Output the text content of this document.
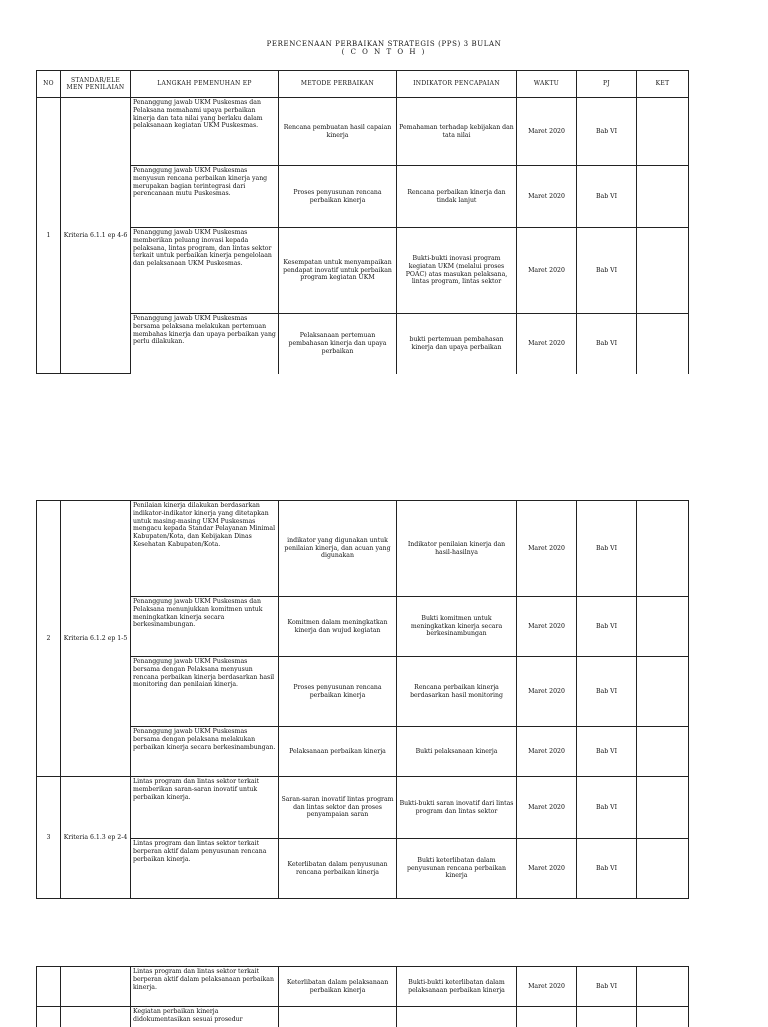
PERENCENAAN PERBAIKAN STRATEGIS (PPS) 3 BULAN
( C O N T O H )
NO	STANDAR/ELE MEN PENILAIAN	LANGKAH PEMENUHAN EP	METODE PERBAIKAN	INDIKATOR PENCAPAIAN	WAKTU	PJ	KET
1	Kriteria 6.1.1 ep 4-6	Penanggung jawab UKM Puskesmas dan Pelaksana memahami upaya perbaikan kinerja dan tata nilai yang berlaku dalam pelaksanaan kegiatan UKM Puskesmas.	Rencana pembuatan hasil capaian kinerja	Pemahaman terhadap kebijakan dan tata nilai	Maret 2020	Bab VI	
		Penanggung jawab UKM Puskesmas menyusun rencana perbaikan kinerja yang merupakan bagian terintegrasi dari perencanaan mutu Puskesmas.	Proses penyusunan rencana perbaikan kinerja	Rencana perbaikan kinerja dan tindak lanjut	Maret 2020	Bab VI	
		Penanggung jawab UKM Puskesmas memberikan peluang inovasi kepada pelaksana, lintas program, dan lintas sektor terkait untuk perbaikan kinerja pengelolaan dan pelaksanaan UKM Puskesmas.	Kesempatan untuk menyampaikan pendapat inovatif untuk perbaikan program kegiatan UKM	Bukti-bukti inovasi program kegiatan UKM (melalui proses POAC) atas masukan pelaksana, lintas program, lintas sektor	Maret 2020	Bab VI	
		Penanggung jawab UKM Puskesmas bersama pelaksana melakukan pertemuan membahas kinerja dan upaya perbaikan yang perlu dilakukan.	Pelaksanaan pertemuan pembahasan kinerja dan upaya perbaikan	bukti pertemuan pembahasan kinerja dan upaya perbaikan	Maret 2020	Bab VI	
2	Kriteria 6.1.2 ep 1-5	Penilaian kinerja dilakukan berdasarkan indikator-indikator kinerja yang ditetapkan untuk masing-masing UKM Puskesmas mengacu kepada Standar Pelayanan Minimal Kabupaten/Kota, dan Kebijakan Dinas Kesehatan Kabupaten/Kota.	indikator yang digunakan untuk penilaian kinerja, dan acuan yang digunakan	Indikator penilaian kinerja dan hasil-hasilnya	Maret 2020	Bab VI	
		Penanggung jawab UKM Puskesmas dan Pelaksana menunjukkan komitmen untuk meningkatkan kinerja secara berkesinambungan.	Komitmen dalam meningkatkan kinerja dan wujud kegiatan	Bukti komitmen untuk meningkatkan kinerja secara berkesinambungan	Maret 2020	Bab VI	
		Penanggung jawab UKM Puskesmas bersama dengan Pelaksana menyusun rencana perbaikan kinerja berdasarkan hasil monitoring dan penilaian kinerja.	Proses penyusunan rencana perbaikan kinerja	Rencana perbaikan kinerja berdasarkan hasil monitoring	Maret 2020	Bab VI	
		Penanggung jawab UKM Puskesmas bersama dengan pelaksana melakukan perbaikan kinerja secara berkesinambungan.	Pelaksanaan perbaikan kinerja	Bukti pelaksanaan kinerja	Maret 2020	Bab VI	
3	Kriteria 6.1.3 ep 2-4	Lintas program dan lintas sektor terkait memberikan saran-saran inovatif untuk perbaikan kinerja.	Saran-saran inovatif lintas program dan lintas sektor dan proses penyampaian saran	Bukti-bukti saran inovatif dari lintas program dan lintas sektor	Maret 2020	Bab VI	
		Lintas program dan lintas sektor terkait berperan aktif dalam penyusunan rencana perbaikan kinerja.	Keterlibatan dalam penyusunan rencana perbaikan kinerja	Bukti keterlibatan dalam penyusunan rencana perbaikan kinerja	Maret 2020	Bab VI	
		Lintas program dan lintas sektor terkait berperan aktif dalam pelaksanaan perbaikan kinerja.	Keterlibatan dalam pelaksanaan perbaikan kinerja	Bukti-bukti keterlibatan dalam pelaksanaan perbaikan kinerja	Maret 2020	Bab VI	
		Kegiatan perbaikan kinerja didokumentasikan sesuai prosedur					
